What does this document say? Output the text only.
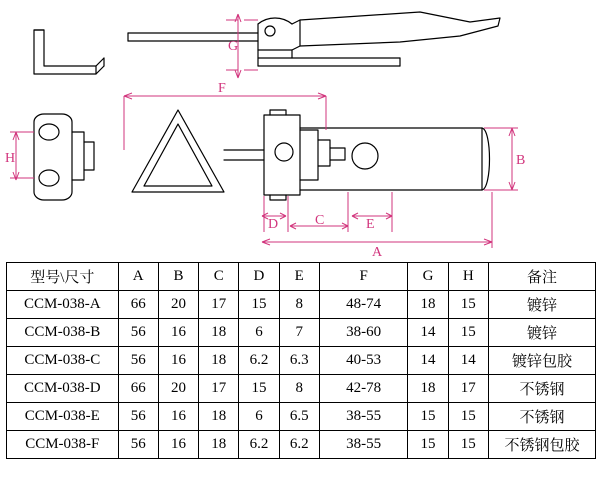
G
H
F
B
D	C	E
A
型号\尺寸	A	B	C	D	E	F	G	H	备注
CCM-038-A	66	20	17	15	8	48-74	18	15	镀锌
CCM-038-B	56	16	18	6	7	38-60	14	15	镀锌
CCM-038-C	56	16	18	6.2	6.3	40-53	14	14	镀锌包胶
CCM-038-D	66	20	17	15	8	42-78	18	17	不锈钢
CCM-038-E	56	16	18	6	6.5	38-55	15	15	不锈钢
CCM-038-F	56	16	18	6.2	6.2	38-55	15	15	不锈钢包胶
